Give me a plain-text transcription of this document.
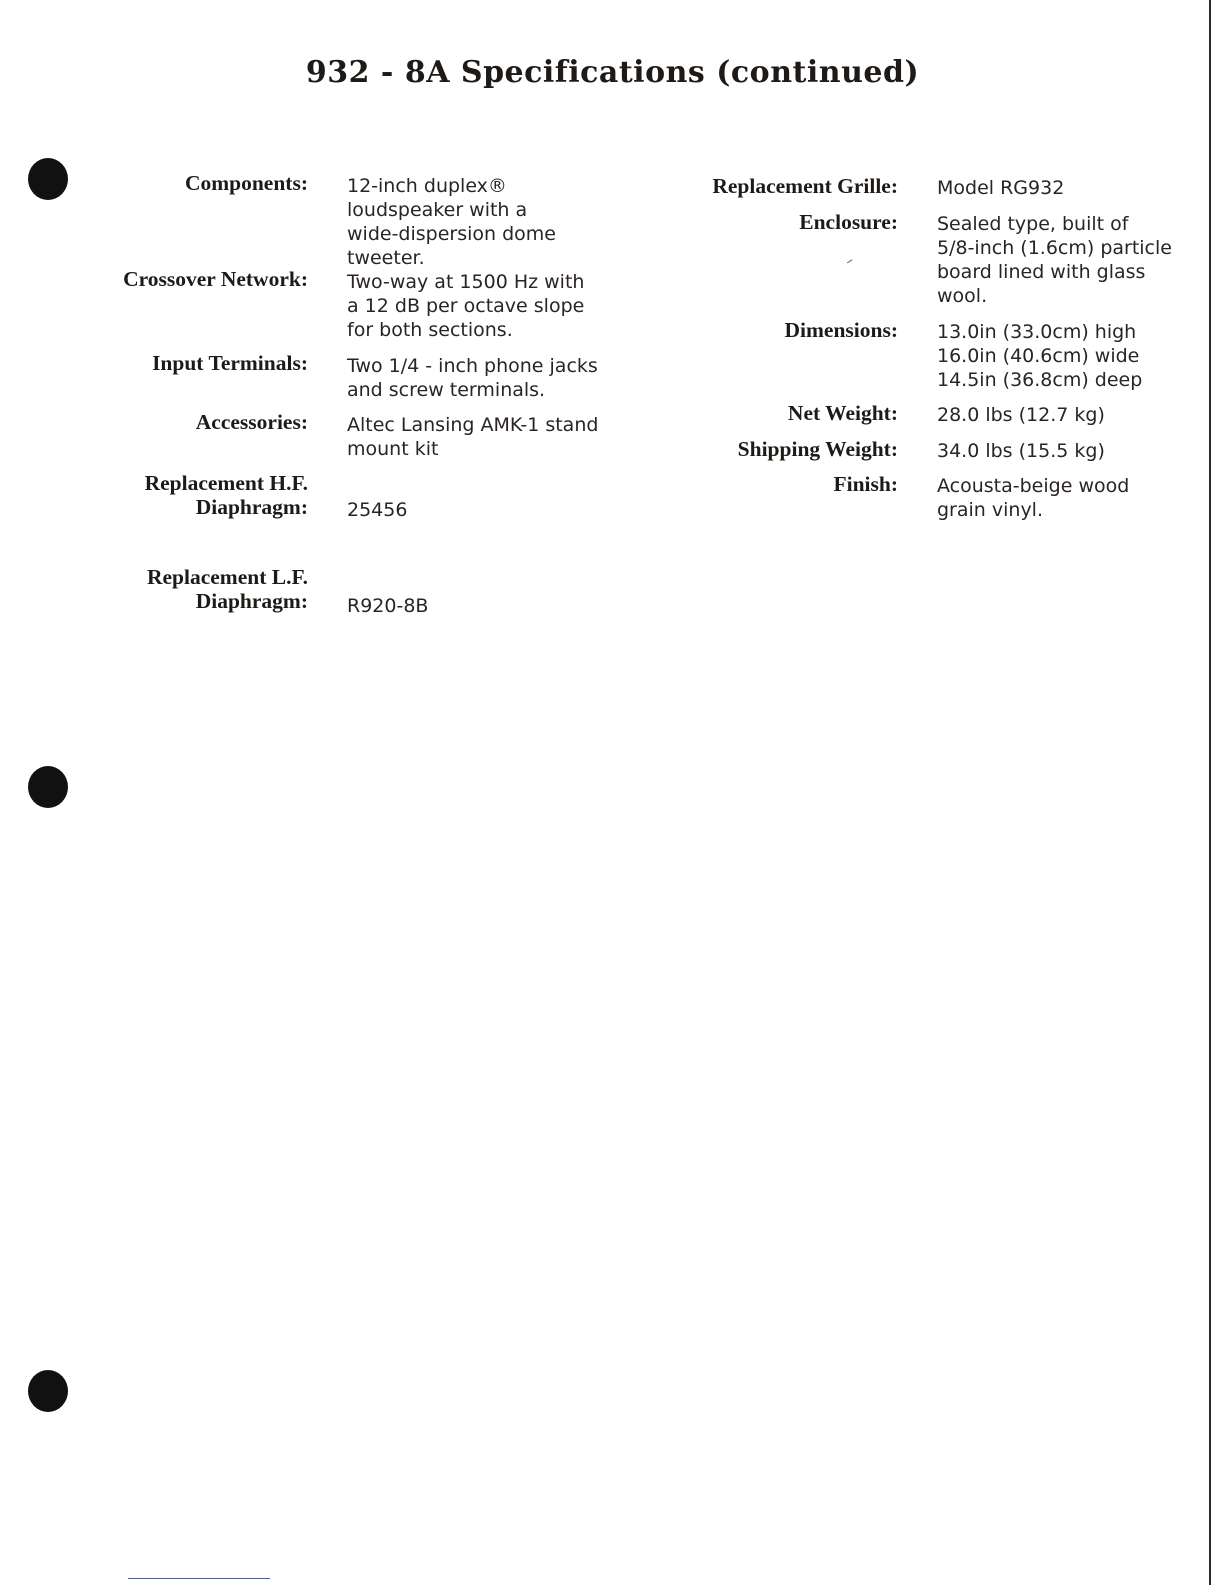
932 - 8A Specifications (continued)
Components: 12-inch duplex®
loudspeaker with a
wide-dispersion dome
tweeter.
Crossover Network: Two-way at 1500 Hz with
a 12 dB per octave slope
for both sections.
Input Terminals: Two 1/4 - inch phone jacks
and screw terminals.
Accessories: Altec Lansing AMK-1 stand
mount kit
Replacement H.F.
Diaphragm: 25456
Replacement L.F.
Diaphragm: R920-8B
Replacement Grille: Model RG932
Enclosure: Sealed type, built of
5/8-inch (1.6cm) particle
board lined with glass
wool.
Dimensions: 13.0in (33.0cm) high
16.0in (40.6cm) wide
14.5in (36.8cm) deep
Net Weight: 28.0 lbs (12.7 kg)
Shipping Weight: 34.0 lbs (15.5 kg)
Finish: Acousta-beige wood
grain vinyl.
